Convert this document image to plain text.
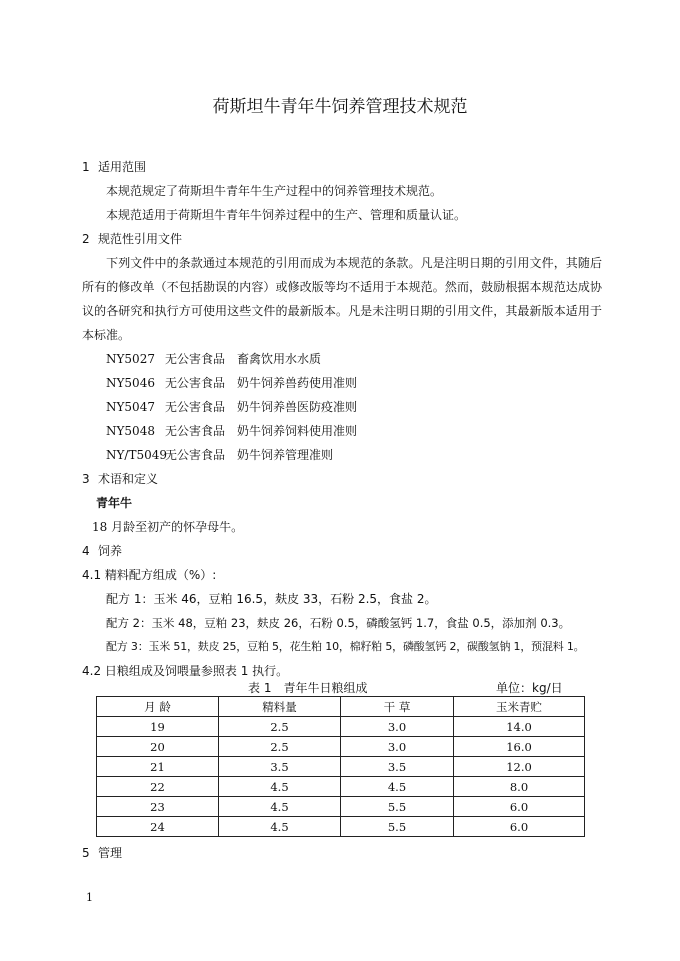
荷斯坦牛青年牛饲养管理技术规范
1 适用范围
本规范规定了荷斯坦牛青年牛生产过程中的饲养管理技术规范。
本规范适用于荷斯坦牛青年牛饲养过程中的生产、管理和质量认证。
2 规范性引用文件
下列文件中的条款通过本规范的引用而成为本规范的条款。凡是注明日期的引用文件，其随后所有的修改单（不包括勘误的内容）或修改版等均不适用于本规范。然而，鼓励根据本规范达成协议的各研究和执行方可使用这些文件的最新版本。凡是未注明日期的引用文件，其最新版本适用于本标准。
NY5027 无公害食品　畜禽饮用水水质
NY5046 无公害食品　奶牛饲养兽药使用准则
NY5047 无公害食品　奶牛饲养兽医防疫准则
NY5048 无公害食品　奶牛饲养饲料使用准则
NY/T5049
无公害食品　奶牛饲养管理准则
3 术语和定义
青年牛
18 月龄至初产的怀孕母牛。
4 饲养
4.1 精料配方组成（%）:
配方 1：玉米 46，豆粕 16.5，麸皮 33，石粉 2.5，食盐 2。
配方 2：玉米 48，豆粕 23，麸皮 26，石粉 0.5，磷酸氢钙 1.7，食盐 0.5，添加剂 0.3。
配方 3：玉米 51，麸皮 25，豆粕 5，花生粕 10，棉籽粕 5，磷酸氢钙 2，碳酸氢钠 1，预混料 1。
4.2 日粮组成及饲喂量参照表 1 执行。
表 1　青年牛日粮组成	单位：kg/日
月 龄	精料量	干 草	玉米青贮
19	2.5	3.0	14.0
20	2.5	3.0	16.0
21	3.5	3.5	12.0
22	4.5	4.5	8.0
23	4.5	5.5	6.0
24	4.5	5.5	6.0
5 管理
1
